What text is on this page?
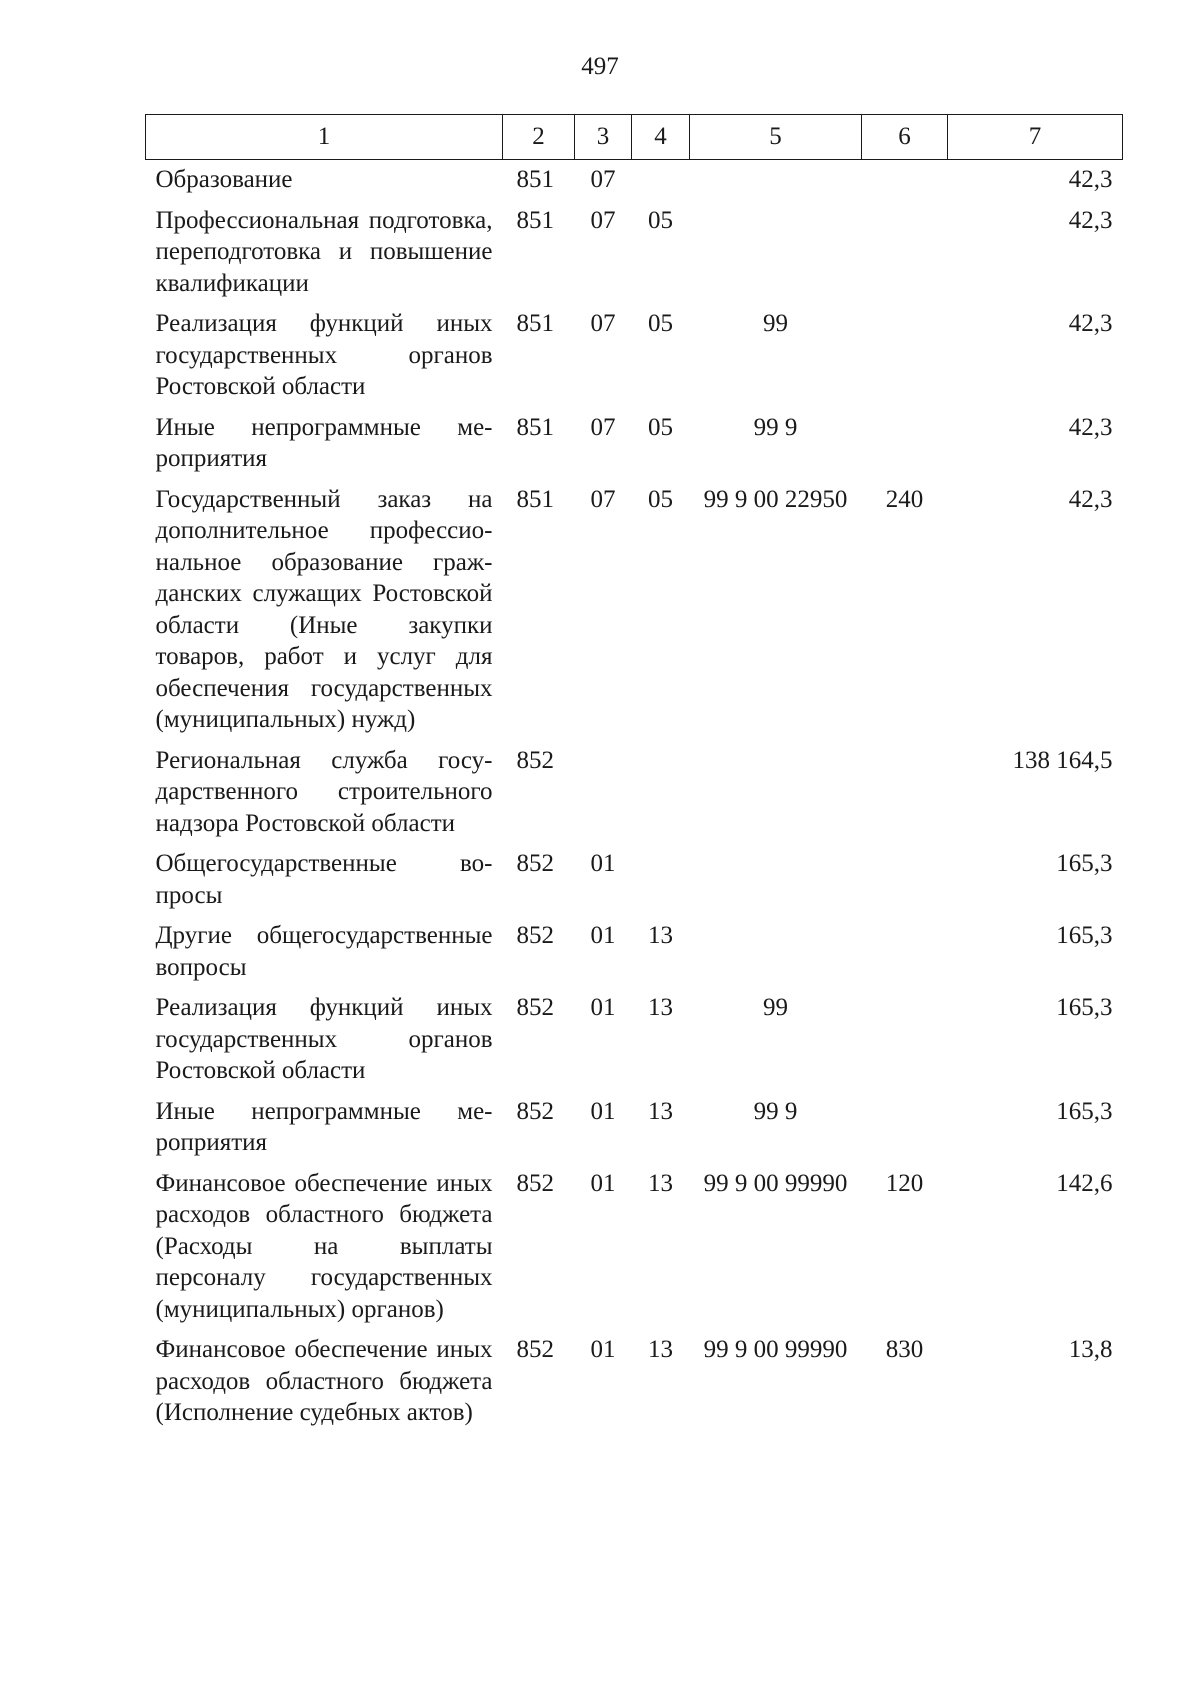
497
1	2	3	4	5	6	7
Образование	851	07				42,3
Профессиональная подготовка, переподготовка и повышение квалификации	851	07	05			42,3
Реализация функций иных государственных органов Ростовской области	851	07	05	99		42,3
Иные непрограммные мероприятия	851	07	05	99 9		42,3
Государственный заказ на дополнительное профессиональное образование гражданских служащих Ростовской области (Иные закупки товаров, работ и услуг для обеспечения государственных (муниципальных) нужд)	851	07	05	99 9 00 22950	240	42,3
Региональная служба государственного строительного надзора Ростовской области	852					138 164,5
Общегосударственные вопросы	852	01				165,3
Другие общегосударственные вопросы	852	01	13			165,3
Реализация функций иных государственных органов Ростовской области	852	01	13	99		165,3
Иные непрограммные мероприятия	852	01	13	99 9		165,3
Финансовое обеспечение иных расходов областного бюджета (Расходы на выплаты персоналу государственных (муниципальных) органов)	852	01	13	99 9 00 99990	120	142,6
Финансовое обеспечение иных расходов областного бюджета (Исполнение судебных актов)	852	01	13	99 9 00 99990	830	13,8
